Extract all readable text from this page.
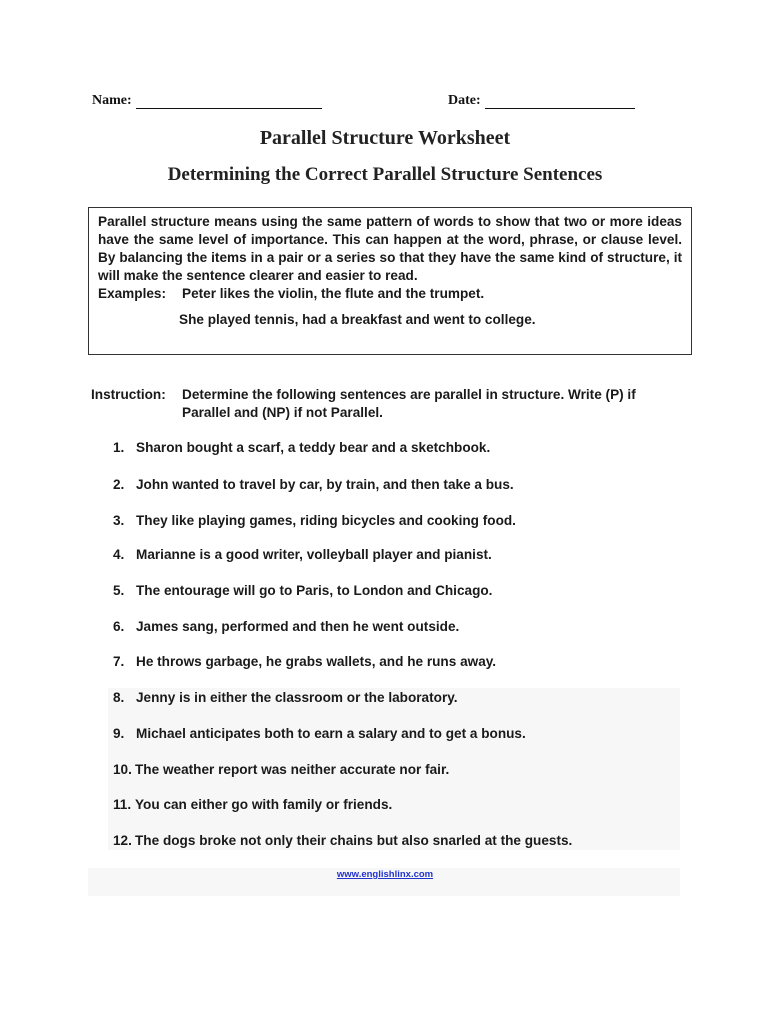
Name:	Date:
Parallel Structure Worksheet
Determining the Correct Parallel Structure Sentences

Parallel structure means using the same pattern of words to show that two or more ideas have the same level of importance. This can happen at the word, phrase, or clause level. By balancing the items in a pair or a series so that they have the same kind of structure, it will make the sentence clearer and easier to read.

Examples: Peter likes the violin, the flute and the trumpet.

She played tennis, had a breakfast and went to college.

Instruction: Determine the following sentences are parallel in structure. Write (P) if Parallel and (NP) if not Parallel.
1. Sharon bought a scarf, a teddy bear and a sketchbook.
2. John wanted to travel by car, by train, and then take a bus.
3. They like playing games, riding bicycles and cooking food.
4. Marianne is a good writer, volleyball player and pianist.
5. The entourage will go to Paris, to London and Chicago.
6. James sang, performed and then he went outside.
7. He throws garbage, he grabs wallets, and he runs away.
8. Jenny is in either the classroom or the laboratory.
9. Michael anticipates both to earn a salary and to get a bonus.
10. The weather report was neither accurate nor fair.
11. You can either go with family or friends.
12. The dogs broke not only their chains but also snarled at the guests.
www.englishlinx.com
